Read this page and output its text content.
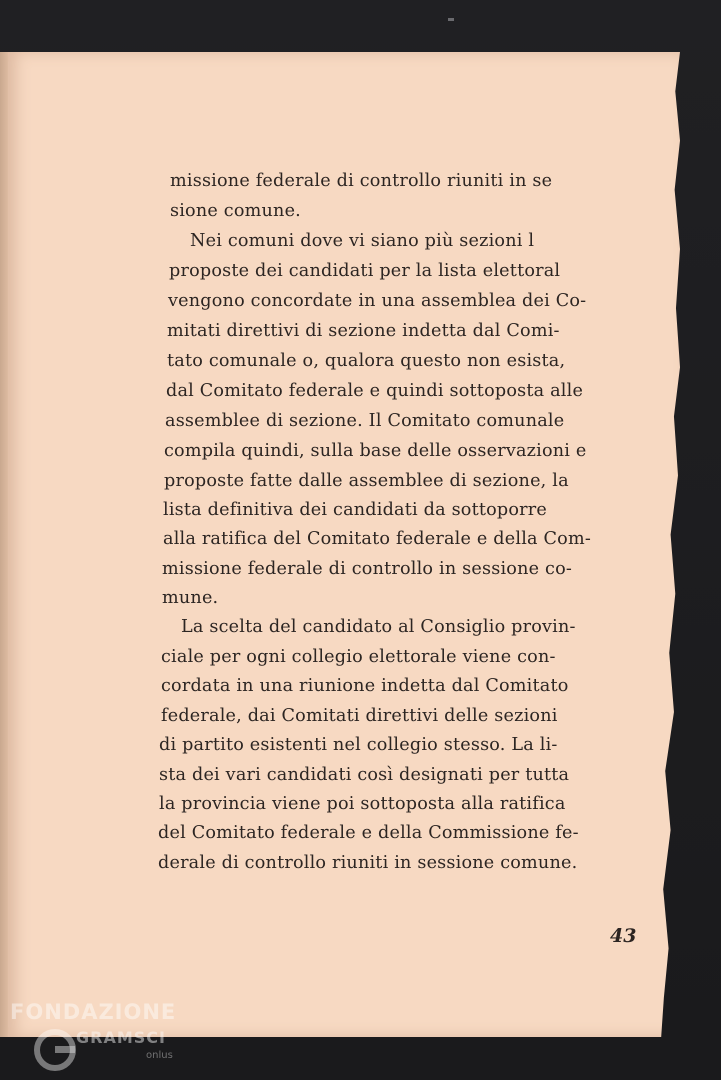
missione federale di controllo riuniti in se
sione comune.
Nei comuni dove vi siano più sezioni l
proposte dei candidati per la lista elettoral
vengono concordate in una assemblea dei Co-
mitati direttivi di sezione indetta dal Comi-
tato comunale o, qualora questo non esista,
dal Comitato federale e quindi sottoposta alle
assemblee di sezione. Il Comitato comunale
compila quindi, sulla base delle osservazioni e
proposte fatte dalle assemblee di sezione, la
lista definitiva dei candidati da sottoporre
alla ratifica del Comitato federale e della Com-
missione federale di controllo in sessione co-
mune.
La scelta del candidato al Consiglio provin-
ciale per ogni collegio elettorale viene con-
cordata in una riunione indetta dal Comitato
federale, dai Comitati direttivi delle sezioni
di partito esistenti nel collegio stesso. La li-
sta dei vari candidati così designati per tutta
la provincia viene poi sottoposta alla ratifica
del Comitato federale e della Commissione fe-
derale di controllo riuniti in sessione comune.
43
FONDAZIONE
GRAMSCI
onlus
